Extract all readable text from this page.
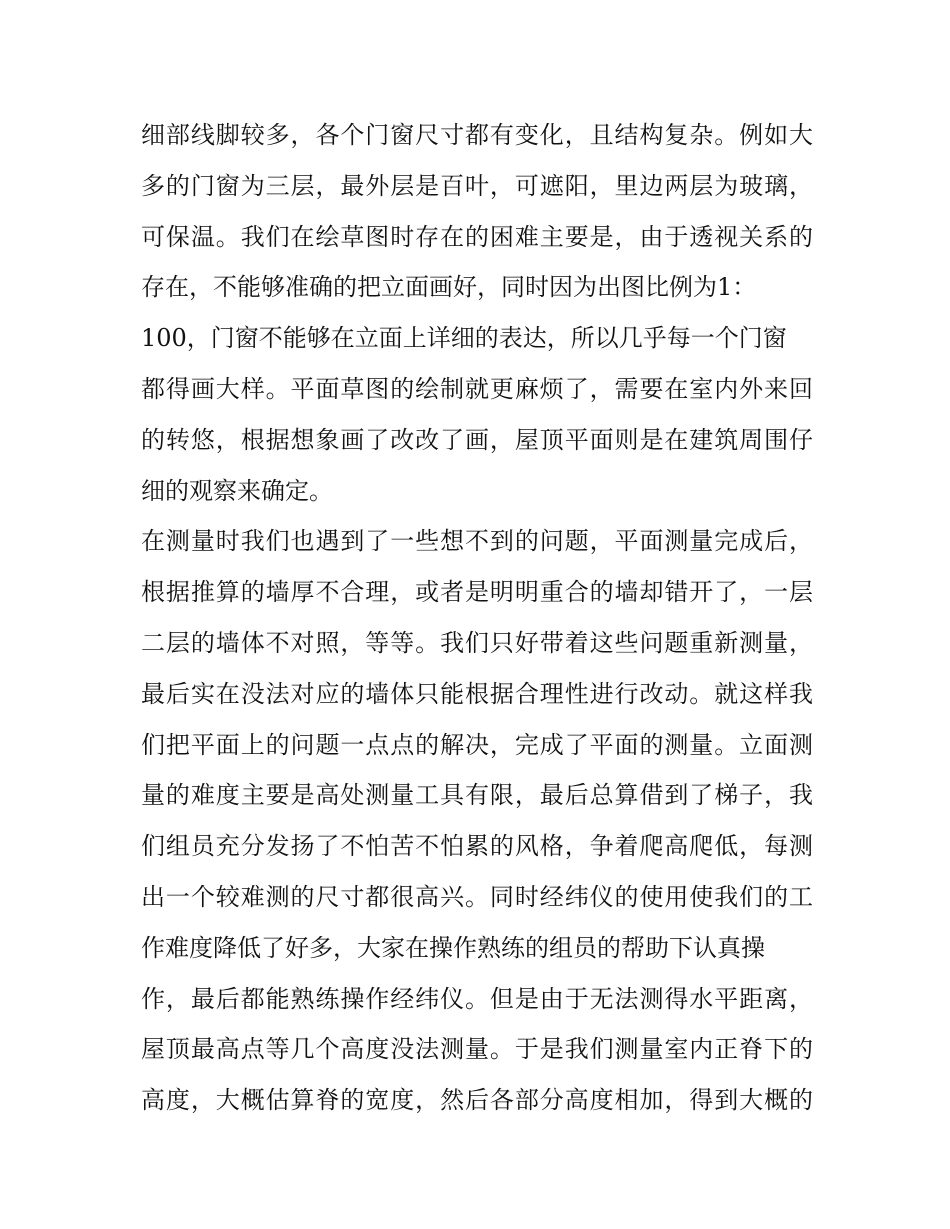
细部线脚较多，各个门窗尺寸都有变化，且结构复杂。例如大
多的门窗为三层，最外层是百叶，可遮阳，里边两层为玻璃，
可保温。我们在绘草图时存在的困难主要是，由于透视关系的
存在，不能够准确的把立面画好，同时因为出图比例为1：
100，门窗不能够在立面上详细的表达，所以几乎每一个门窗
都得画大样。平面草图的绘制就更麻烦了，需要在室内外来回
的转悠，根据想象画了改改了画，屋顶平面则是在建筑周围仔
细的观察来确定。
在测量时我们也遇到了一些想不到的问题，平面测量完成后，
根据推算的墙厚不合理，或者是明明重合的墙却错开了，一层
二层的墙体不对照，等等。我们只好带着这些问题重新测量，
最后实在没法对应的墙体只能根据合理性进行改动。就这样我
们把平面上的问题一点点的解决，完成了平面的测量。立面测
量的难度主要是高处测量工具有限，最后总算借到了梯子，我
们组员充分发扬了不怕苦不怕累的风格，争着爬高爬低，每测
出一个较难测的尺寸都很高兴。同时经纬仪的使用使我们的工
作难度降低了好多，大家在操作熟练的组员的帮助下认真操
作，最后都能熟练操作经纬仪。但是由于无法测得水平距离，
屋顶最高点等几个高度没法测量。于是我们测量室内正脊下的
高度，大概估算脊的宽度，然后各部分高度相加，得到大概的
